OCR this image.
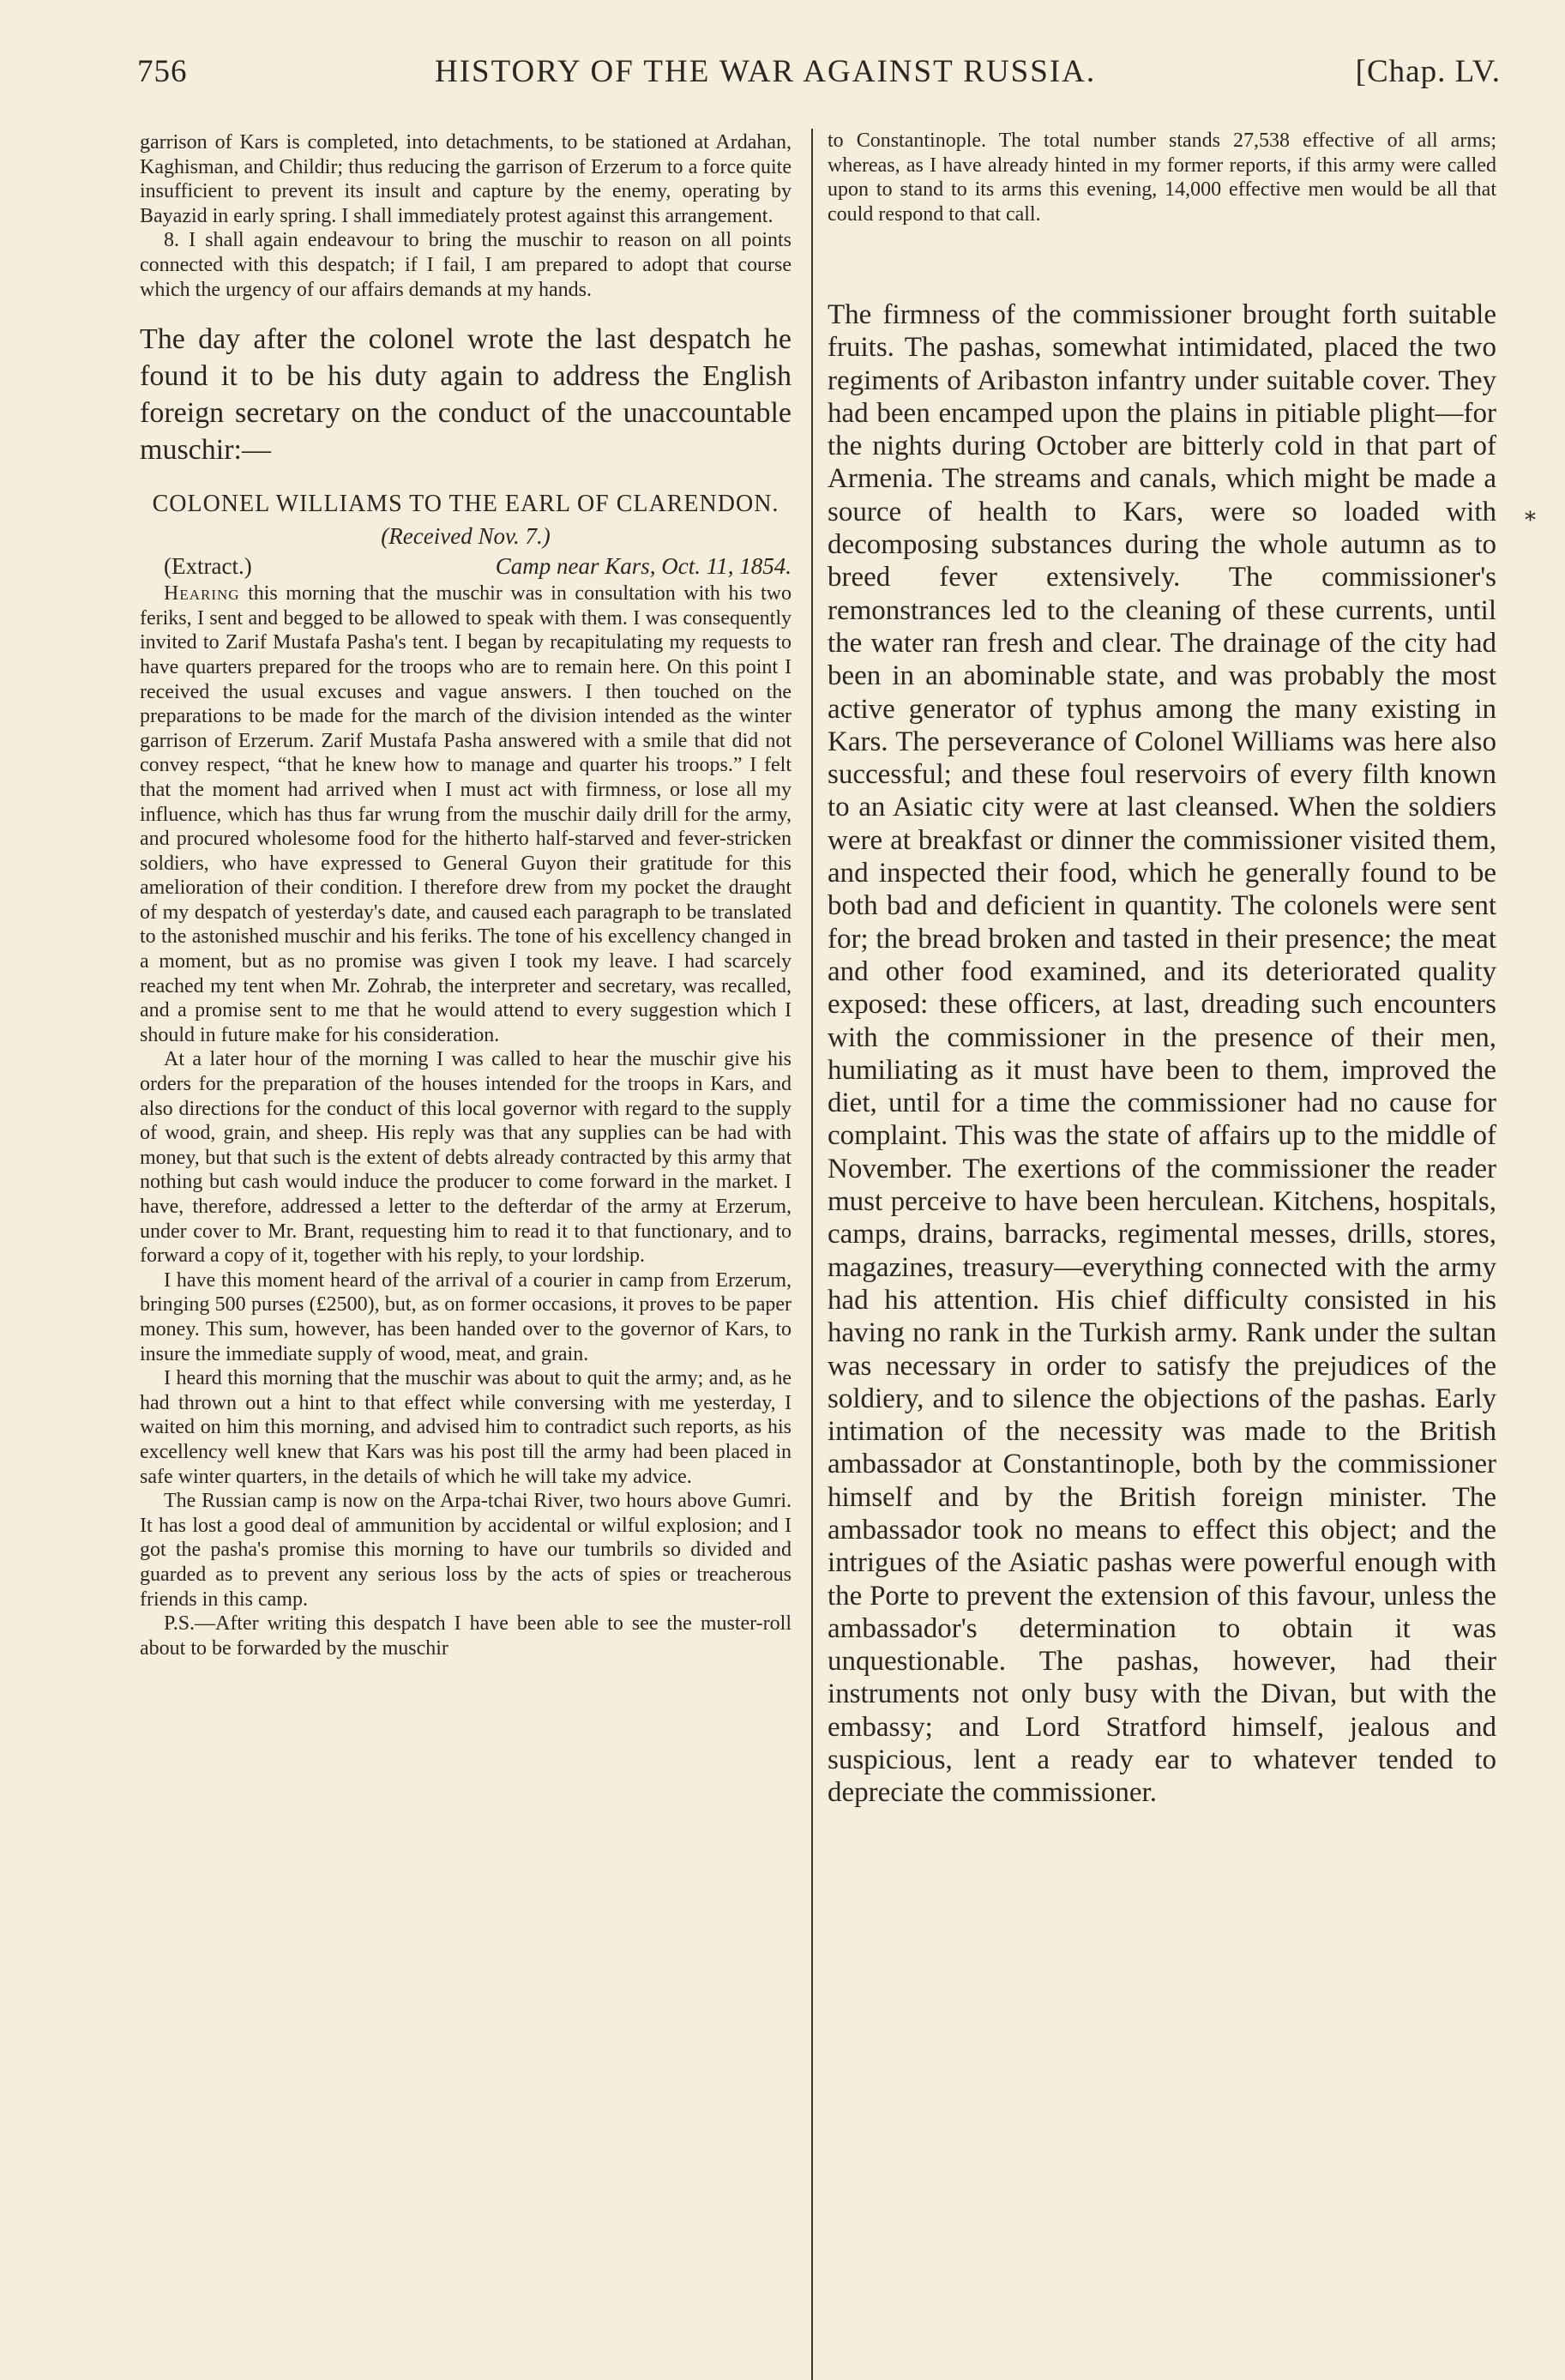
756	HISTORY OF THE WAR AGAINST RUSSIA.	[Chap. LV.

garrison of Kars is completed, into detachments, to be stationed at Ardahan, Kaghisman, and Childir; thus reducing the garrison of Erzerum to a force quite insufficient to prevent its insult and capture by the enemy, operating by Bayazid in early spring. I shall immediately protest against this arrangement.

8. I shall again endeavour to bring the muschir to reason on all points connected with this despatch; if I fail, I am prepared to adopt that course which the urgency of our affairs demands at my hands.

The day after the colonel wrote the last despatch he found it to be his duty again to address the English foreign secretary on the conduct of the unaccountable muschir:—

COLONEL WILLIAMS TO THE EARL OF CLARENDON.
(Received Nov. 7.)
(Extract.)	Camp near Kars, Oct. 11, 1854.

Hearing this morning that the muschir was in consultation with his two feriks, I sent and begged to be allowed to speak with them. I was consequently invited to Zarif Mustafa Pasha's tent. I began by recapitulating my requests to have quarters prepared for the troops who are to remain here. On this point I received the usual excuses and vague answers. I then touched on the preparations to be made for the march of the division intended as the winter garrison of Erzerum. Zarif Mustafa Pasha answered with a smile that did not convey respect, “that he knew how to manage and quarter his troops.” I felt that the moment had arrived when I must act with firmness, or lose all my influence, which has thus far wrung from the muschir daily drill for the army, and procured wholesome food for the hitherto half-starved and fever-stricken soldiers, who have expressed to General Guyon their gratitude for this amelioration of their condition. I therefore drew from my pocket the draught of my despatch of yesterday's date, and caused each paragraph to be translated to the astonished muschir and his feriks. The tone of his excellency changed in a moment, but as no promise was given I took my leave. I had scarcely reached my tent when Mr. Zohrab, the interpreter and secretary, was recalled, and a promise sent to me that he would attend to every suggestion which I should in future make for his consideration.

At a later hour of the morning I was called to hear the muschir give his orders for the preparation of the houses intended for the troops in Kars, and also directions for the conduct of this local governor with regard to the supply of wood, grain, and sheep. His reply was that any supplies can be had with money, but that such is the extent of debts already contracted by this army that nothing but cash would induce the producer to come forward in the market. I have, therefore, addressed a letter to the defterdar of the army at Erzerum, under cover to Mr. Brant, requesting him to read it to that functionary, and to forward a copy of it, together with his reply, to your lordship.

I have this moment heard of the arrival of a courier in camp from Erzerum, bringing 500 purses (£2500), but, as on former occasions, it proves to be paper money. This sum, however, has been handed over to the governor of Kars, to insure the immediate supply of wood, meat, and grain.

I heard this morning that the muschir was about to quit the army; and, as he had thrown out a hint to that effect while conversing with me yesterday, I waited on him this morning, and advised him to contradict such reports, as his excellency well knew that Kars was his post till the army had been placed in safe winter quarters, in the details of which he will take my advice.

The Russian camp is now on the Arpa-tchai River, two hours above Gumri. It has lost a good deal of ammunition by accidental or wilful explosion; and I got the pasha's promise this morning to have our tumbrils so divided and guarded as to prevent any serious loss by the acts of spies or treacherous friends in this camp.

P.S.—After writing this despatch I have been able to see the muster-roll about to be forwarded by the muschir

to Constantinople. The total number stands 27,538 effective of all arms; whereas, as I have already hinted in my former reports, if this army were called upon to stand to its arms this evening, 14,000 effective men would be all that could respond to that call.

The firmness of the commissioner brought forth suitable fruits. The pashas, somewhat intimidated, placed the two regiments of Aribaston infantry under suitable cover. They had been encamped upon the plains in pitiable plight—for the nights during October are bitterly cold in that part of Armenia. The streams and canals, which might be made a source of health to Kars, were so loaded with decomposing substances during the whole autumn as to breed fever extensively. The commissioner's remonstrances led to the cleaning of these currents, until the water ran fresh and clear. The drainage of the city had been in an abominable state, and was probably the most active generator of typhus among the many existing in Kars. The perseverance of Colonel Williams was here also successful; and these foul reservoirs of every filth known to an Asiatic city were at last cleansed. When the soldiers were at breakfast or dinner the commissioner visited them, and inspected their food, which he generally found to be both bad and deficient in quantity. The colonels were sent for; the bread broken and tasted in their presence; the meat and other food examined, and its deteriorated quality exposed: these officers, at last, dreading such encounters with the commissioner in the presence of their men, humiliating as it must have been to them, improved the diet, until for a time the commissioner had no cause for complaint. This was the state of affairs up to the middle of November. The exertions of the commissioner the reader must perceive to have been herculean. Kitchens, hospitals, camps, drains, barracks, regimental messes, drills, stores, magazines, treasury—everything connected with the army had his attention. His chief difficulty consisted in his having no rank in the Turkish army. Rank under the sultan was necessary in order to satisfy the prejudices of the soldiery, and to silence the objections of the pashas. Early intimation of the necessity was made to the British ambassador at Constantinople, both by the commissioner himself and by the British foreign minister. The ambassador took no means to effect this object; and the intrigues of the Asiatic pashas were powerful enough with the Porte to prevent the extension of this favour, unless the ambassador's determination to obtain it was unquestionable. The pashas, however, had their instruments not only busy with the Divan, but with the embassy; and Lord Stratford himself, jealous and suspicious, lent a ready ear to whatever tended to depreciate the commissioner.

*
